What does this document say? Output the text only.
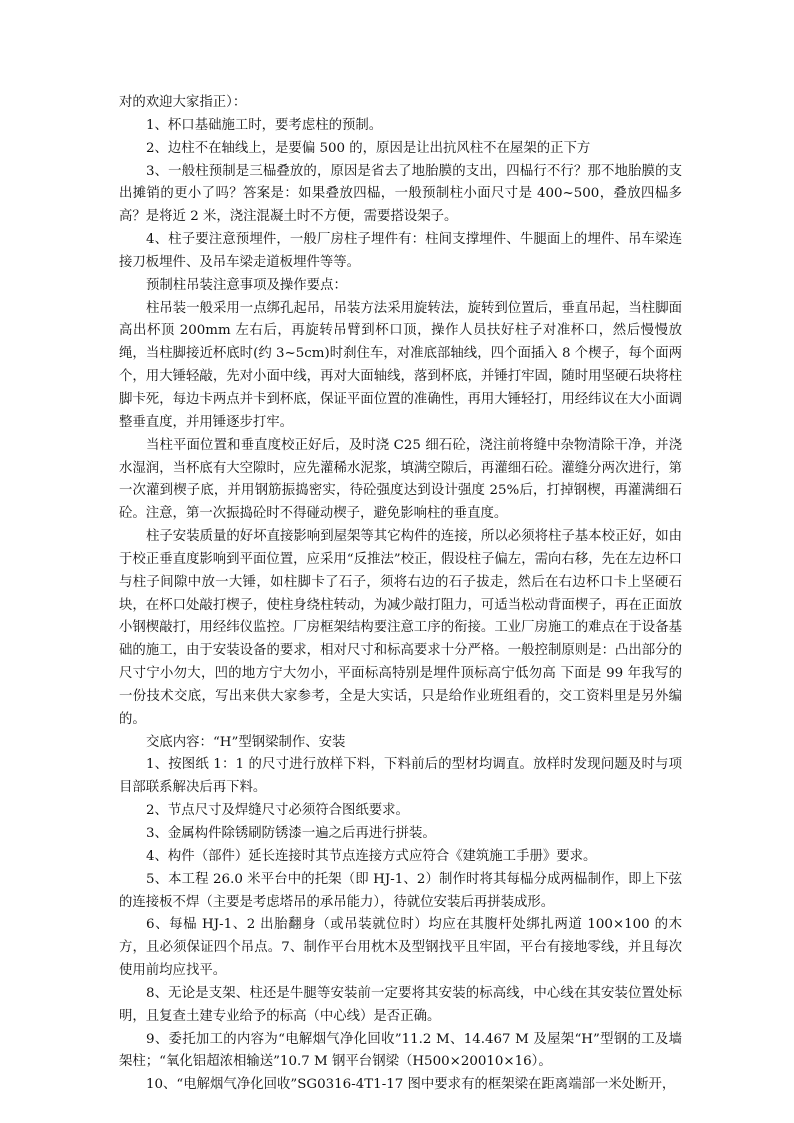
对的欢迎大家指正）：

1、杯口基础施工时，要考虑柱的预制。

2、边柱不在轴线上，是要偏 500 的，原因是让出抗风柱不在屋架的正下方

3、一般柱预制是三榀叠放的，原因是省去了地胎膜的支出，四榀行不行？那不地胎膜的支出摊销的更小了吗？答案是：如果叠放四榀，一般预制柱小面尺寸是 400~500，叠放四榀多高？是将近 2 米，浇注混凝土时不方便，需要搭设架子。

4、柱子要注意预埋件，一般厂房柱子埋件有：柱间支撑埋件、牛腿面上的埋件、吊车梁连接刀板埋件、及吊车梁走道板埋件等等。

预制柱吊装注意事项及操作要点：

柱吊装一般采用一点绑孔起吊，吊装方法采用旋转法，旋转到位置后，垂直吊起，当柱脚面高出杯顶 200mm 左右后，再旋转吊臂到杯口顶，操作人员扶好柱子对准杯口，然后慢慢放绳，当柱脚接近杯底时(约 3~5cm)时刹住车，对准底部轴线，四个面插入 8 个楔子，每个面两个，用大锤轻敲，先对小面中线，再对大面轴线，落到杯底，并锤打牢固，随时用坚硬石块将柱脚卡死，每边卡两点并卡到杯底，保证平面位置的准确性，再用大锤轻打，用经纬议在大小面调整垂直度，并用锤逐步打牢。

当柱平面位置和垂直度校正好后，及时浇 C25 细石砼，浇注前将缝中杂物清除干净，并浇水湿润，当杯底有大空隙时，应先灌稀水泥浆，填满空隙后，再灌细石砼。灌缝分两次进行，第一次灌到楔子底，并用钢筋振捣密实，待砼强度达到设计强度 25%后，打掉钢楔，再灌满细石砼。注意，第一次振捣砼时不得碰动楔子，避免影响柱的垂直度。

柱子安装质量的好坏直接影响到屋架等其它构件的连接，所以必须将柱子基本校正好，如由于校正垂直度影响到平面位置，应采用“反推法”校正，假设柱子偏左，需向右移，先在左边杯口与柱子间隙中放一大锤，如柱脚卡了石子，须将右边的石子拔走，然后在右边杯口卡上坚硬石块，在杯口处敲打楔子，使柱身绕柱转动，为减少敲打阻力，可适当松动背面楔子，再在正面放小钢楔敲打，用经纬仪监控。厂房框架结构要注意工序的衔接。工业厂房施工的难点在于设备基础的施工，由于安装设备的要求，相对尺寸和标高要求十分严格。一般控制原则是：凸出部分的尺寸宁小勿大，凹的地方宁大勿小，平面标高特别是埋件顶标高宁低勿高 下面是 99 年我写的一份技术交底，写出来供大家参考，全是大实话，只是给作业班组看的，交工资料里是另外编的。

交底内容：“H”型钢梁制作、安装

1、按图纸 1：1 的尺寸进行放样下料，下料前后的型材均调直。放样时发现问题及时与项目部联系解决后再下料。

2、节点尺寸及焊缝尺寸必须符合图纸要求。

3、金属构件除锈刷防锈漆一遍之后再进行拼装。

4、构件（部件）延长连接时其节点连接方式应符合《建筑施工手册》要求。

5、本工程 26.0 米平台中的托架（即 HJ-1、2）制作时将其每榀分成两榀制作，即上下弦的连接板不焊（主要是考虑塔吊的承吊能力），待就位安装后再拼装成形。

6、每榀 HJ-1、2 出胎翻身（或吊装就位时）均应在其腹杆处绑扎两道 100×100 的木方，且必须保证四个吊点。7、制作平台用枕木及型钢找平且牢固，平台有接地零线，并且每次使用前均应找平。

8、无论是支架、柱还是牛腿等安装前一定要将其安装的标高线，中心线在其安装位置处标明，且复查土建专业给予的标高（中心线）是否正确。

9、委托加工的内容为“电解烟气净化回收”11.2 M、14.467 M 及屋架“H”型钢的工及墙架柱；“氧化铝超浓相输送”10.7 M 钢平台钢梁（H500×20010×16）。

10、“电解烟气净化回收”SG0316-4T1-17 图中要求有的框架梁在距离端部一米处断开，
